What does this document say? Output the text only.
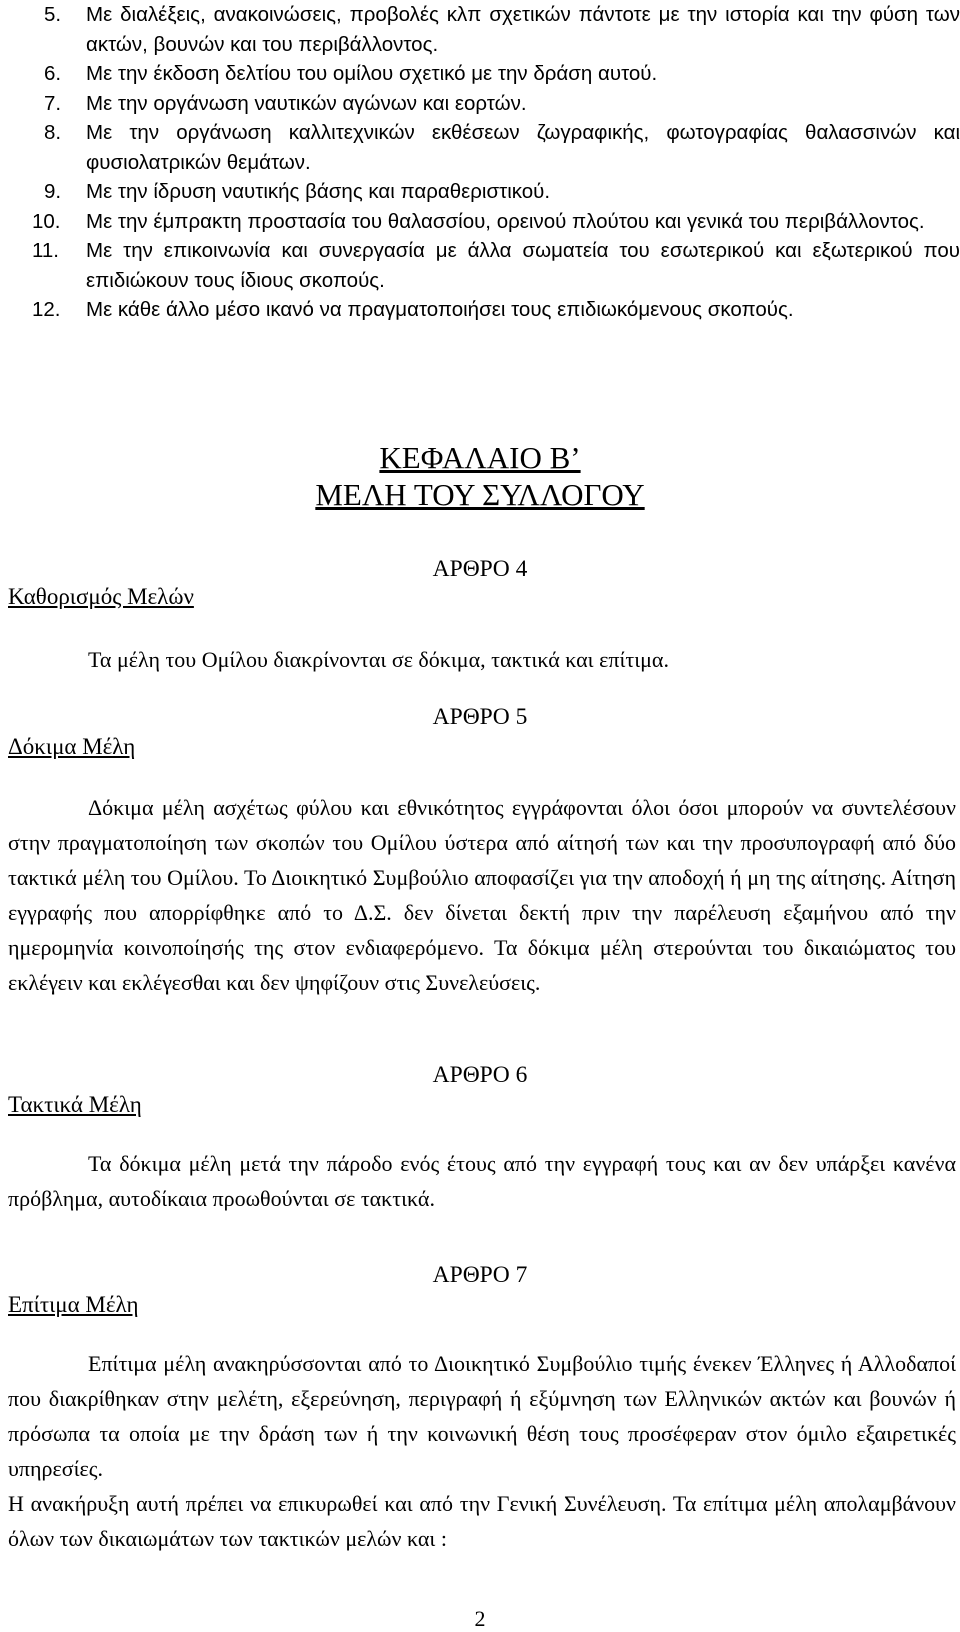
5. Με διαλέξεις, ανακοινώσεις, προβολές κλπ σχετικών πάντοτε με την ιστορία και την φύση των ακτών, βουνών και του περιβάλλοντος.
6. Με την έκδοση δελτίου του ομίλου σχετικό με την δράση αυτού.
7. Με την οργάνωση ναυτικών αγώνων και εορτών.
8. Με την οργάνωση καλλιτεχνικών εκθέσεων ζωγραφικής, φωτογραφίας θαλασσινών και φυσιολατρικών θεμάτων.
9. Με την ίδρυση ναυτικής βάσης και παραθεριστικού.
10. Με την έμπρακτη προστασία του θαλασσίου, ορεινού πλούτου και γενικά του περιβάλλοντος.
11. Με την επικοινωνία και συνεργασία με άλλα σωματεία του εσωτερικού και εξωτερικού που επιδιώκουν τους ίδιους σκοπούς.
12. Με κάθε άλλο μέσο ικανό να πραγματοποιήσει τους επιδιωκόμενους σκοπούς.
ΚΕΦΑΛΑΙΟ Β’
ΜΕΛΗ ΤΟΥ ΣΥΛΛΟΓΟΥ
ΑΡΘΡΟ 4
Καθορισμός Μελών

Τα μέλη του Ομίλου διακρίνονται σε δόκιμα, τακτικά και επίτιμα.

ΑΡΘΡΟ 5
Δόκιμα Μέλη

Δόκιμα μέλη ασχέτως φύλου και εθνικότητος εγγράφονται όλοι όσοι μπορούν να συντελέσουν στην πραγματοποίηση των σκοπών του Ομίλου ύστερα από αίτησή των και την προσυπογραφή από δύο τακτικά μέλη του Ομίλου. Το Διοικητικό Συμβούλιο αποφασίζει για την αποδοχή ή μη της αίτησης. Αίτηση εγγραφής που απορρίφθηκε από το Δ.Σ. δεν δίνεται δεκτή πριν την παρέλευση εξαμήνου από την ημερομηνία κοινοποίησής της στον ενδιαφερόμενο. Τα δόκιμα μέλη στερούνται του δικαιώματος του εκλέγειν και εκλέγεσθαι και δεν ψηφίζουν στις Συνελεύσεις.

ΑΡΘΡΟ 6
Τακτικά Μέλη

Τα δόκιμα μέλη μετά την πάροδο ενός έτους από την εγγραφή τους και αν δεν υπάρξει κανένα πρόβλημα, αυτοδίκαια προωθούνται σε τακτικά.

ΑΡΘΡΟ 7
Επίτιμα Μέλη

Επίτιμα μέλη ανακηρύσσονται από το Διοικητικό Συμβούλιο τιμής ένεκεν Έλληνες ή Αλλοδαποί που διακρίθηκαν στην μελέτη, εξερεύνηση, περιγραφή ή εξύμνηση των Ελληνικών ακτών και βουνών ή πρόσωπα τα οποία με την δράση των ή την κοινωνική θέση τους προσέφεραν στον όμιλο εξαιρετικές υπηρεσίες.

Η ανακήρυξη αυτή πρέπει να επικυρωθεί και από την Γενική Συνέλευση. Τα επίτιμα μέλη απολαμβάνουν όλων των δικαιωμάτων των τακτικών μελών και :

2
